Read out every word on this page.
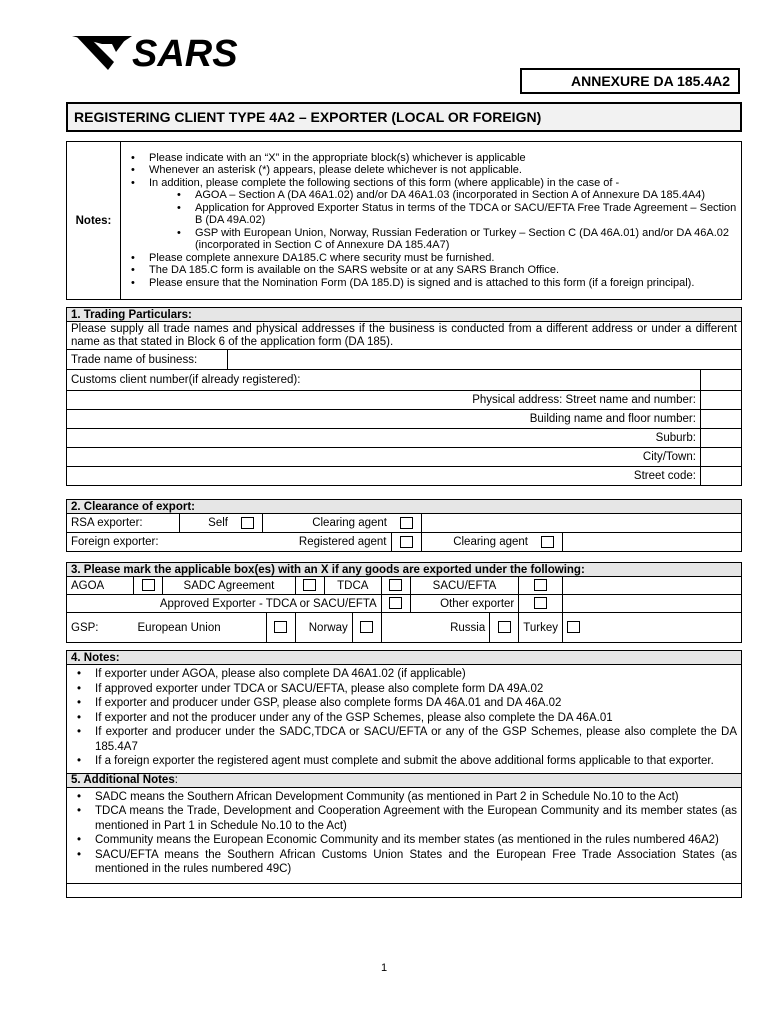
SARS
ANNEXURE DA 185.4A2
REGISTERING CLIENT TYPE 4A2 – EXPORTER (LOCAL OR FOREIGN)
Notes:	
• Please indicate with an “X” in the appropriate block(s) whichever is applicable
• Whenever an asterisk (*) appears, please delete whichever is not applicable.
• In addition, please complete the following sections of this form (where applicable) in the case of -
• AGOA – Section A (DA 46A1.02) and/or DA 46A1.03 (incorporated in Section A of Annexure DA 185.4A4)
• Application for Approved Exporter Status in terms of the TDCA or SACU/EFTA Free Trade Agreement – Section B (DA 49A.02)
• GSP with European Union, Norway, Russian Federation or Turkey – Section C (DA 46A.01) and/or DA 46A.02 (incorporated in Section C of Annexure DA 185.4A7)
• Please complete annexure DA185.C where security must be furnished.
• The DA 185.C form is available on the SARS website or at any SARS Branch Office.
• Please ensure that the Nomination Form (DA 185.D) is signed and is attached to this form (if a foreign principal).
1. Trading Particulars:		
Please supply all trade names and physical addresses if the business is conducted from a different address or under a different name as that stated in Block 6 of the application form (DA 185).		
Trade name of business:		
Customs client number(if already registered):		
Physical address: Street name and number:		
Building name and floor number:		
Suburb:		
City/Town:		
Street code:		
2. Clearance of export:							
RSA exporter:	Self		Clearing agent				
Foreign exporter:			Registered agent		Clearing agent		
3. Please mark the applicable box(es) with an X if any goods are exported under the following:											
AGOA		SADC Agreement			TDCA			SACU/EFTA			
Approved Exporter - TDCA or SACU/EFTA								Other exporter			
GSP:	European Union			Norway			Russia			Turkey	
4. Notes:

• If exporter under AGOA, please also complete DA 46A1.02 (if applicable)
• If approved exporter under TDCA or SACU/EFTA, please also complete form DA 49A.02
• If exporter and producer under GSP, please also complete forms DA 46A.01 and DA 46A.02
• If exporter and not the producer under any of the GSP Schemes, please also complete the DA 46A.01
• If exporter and producer under the SADC,TDCA or SACU/EFTA or any of the GSP Schemes, please also complete the DA 185.4A7
• If a foreign exporter the registered agent must complete and submit the above additional forms applicable to that exporter.

5. Additional Notes:

• SADC means the Southern African Development Community (as mentioned in Part 2 in Schedule No.10 to the Act)
• TDCA means the Trade, Development and Cooperation Agreement with the European Community and its member states (as mentioned in Part 1 in Schedule No.10 to the Act)
• Community means the European Economic Community and its member states (as mentioned in the rules numbered 46A2)
• SACU/EFTA means the Southern African Customs Union States and the European Free Trade Association States (as mentioned in the rules numbered 49C)

1
